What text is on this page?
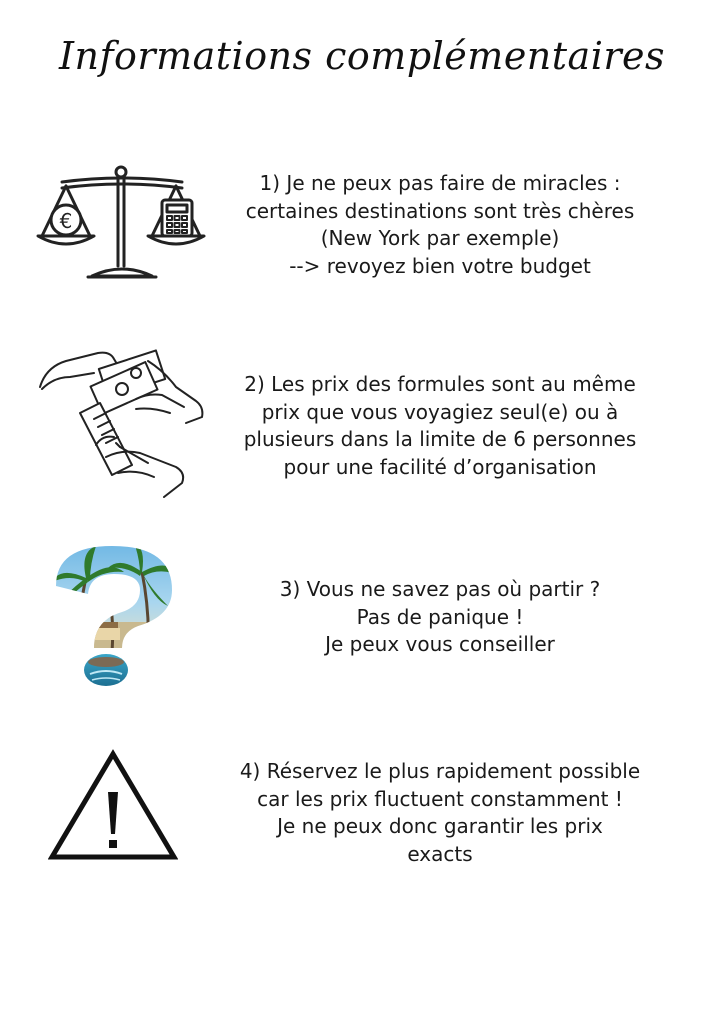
Informations complémentaires
€
1) Je ne peux pas faire de miracles :
certaines destinations sont très chères
(New York par exemple)
--> revoyez bien votre budget
2) Les prix des formules sont au même
prix que vous voyagiez seul(e) ou à
plusieurs dans la limite de 6 personnes
pour une facilité d’organisation
3) Vous ne savez pas où partir ?
Pas de panique !
Je peux vous conseiller
4) Réservez le plus rapidement possible
car les prix fluctuent constamment !
Je ne peux donc garantir les prix
exacts
